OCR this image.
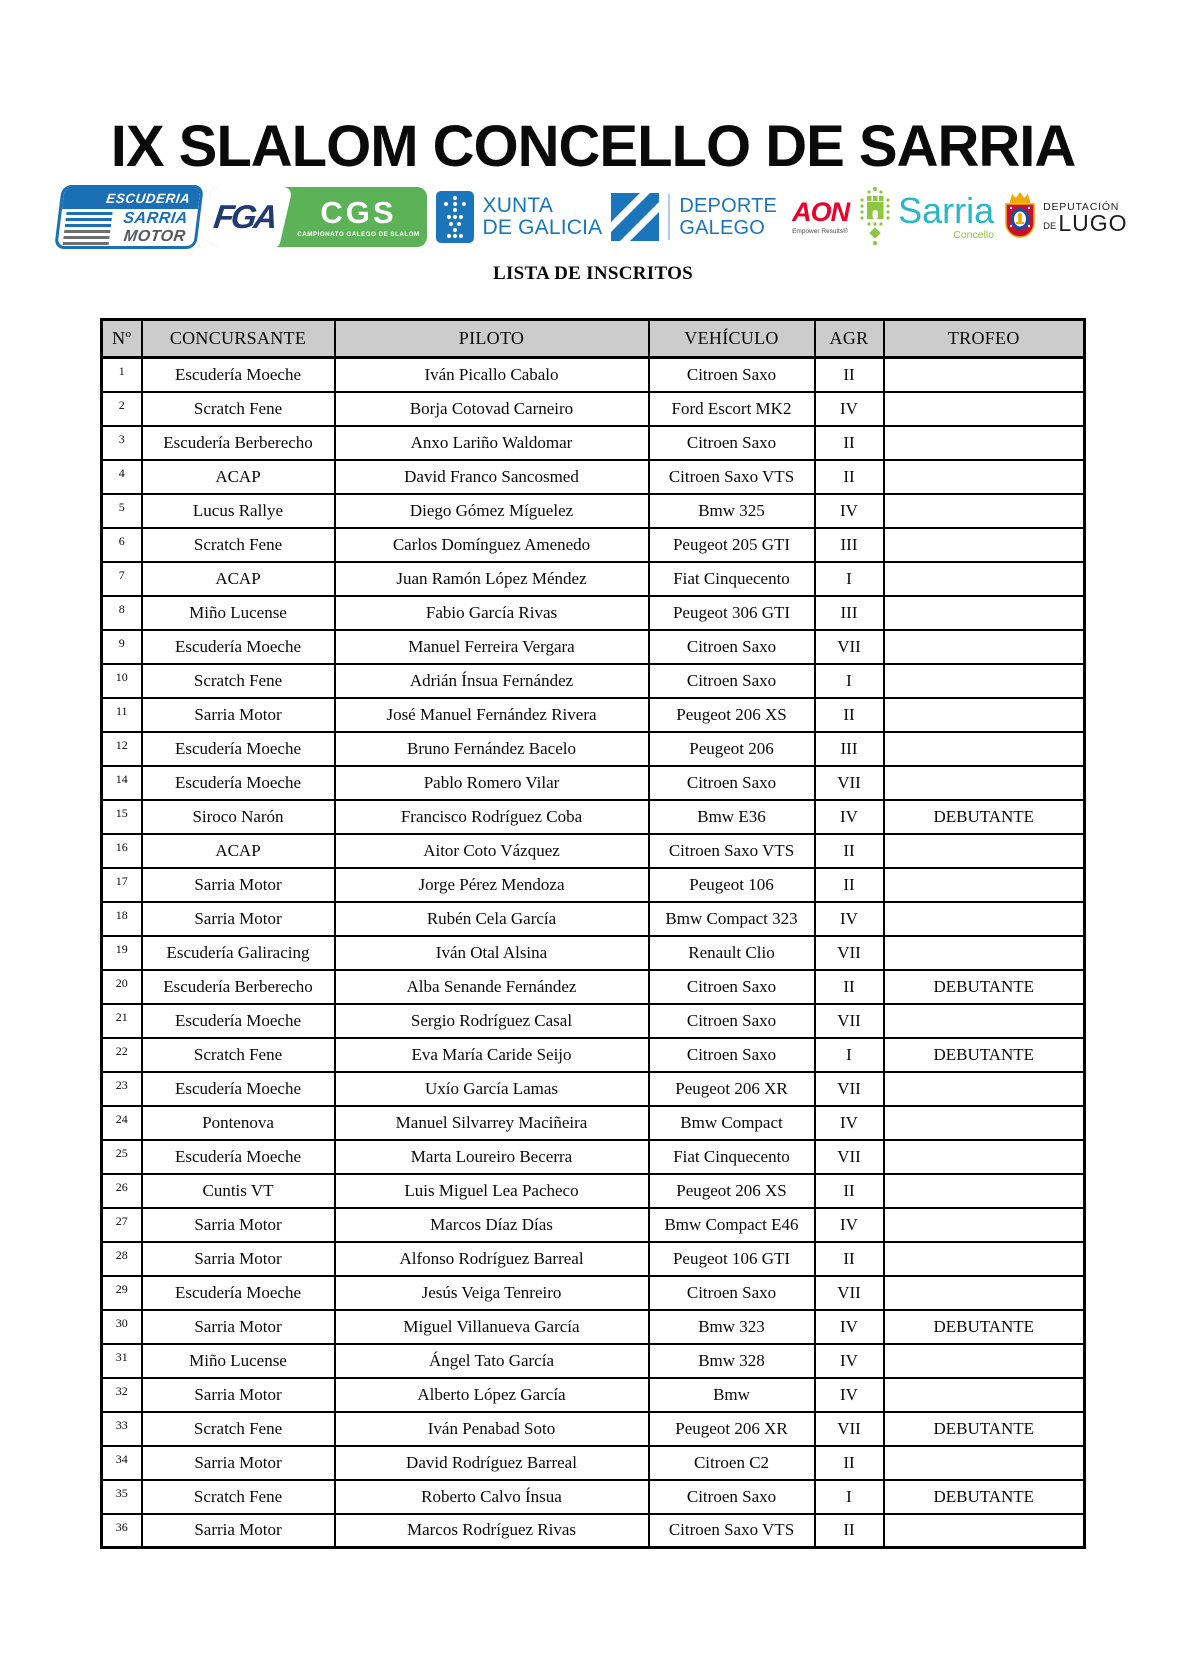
IX SLALOM CONCELLO DE SARRIA
ESCUDERIA
SARRIA
MOTOR
FGA CGS
CAMPIONATO GALEGO DE SLALOM
XUNTA
DE GALICIA
DEPORTE
GALEGO
AON
Empower Results®
Sarria
Concello
DEPUTACIÓN
DE LUGO
LISTA DE INSCRITOS
Nº	CONCURSANTE	PILOTO	VEHÍCULO	AGR	TROFEO
1	Escudería Moeche	Iván Picallo Cabalo	Citroen Saxo	II	
2	Scratch Fene	Borja Cotovad Carneiro	Ford Escort MK2	IV	
3	Escudería Berberecho	Anxo Lariño Waldomar	Citroen Saxo	II	
4	ACAP	David Franco Sancosmed	Citroen Saxo VTS	II	
5	Lucus Rallye	Diego Gómez Míguelez	Bmw 325	IV	
6	Scratch Fene	Carlos Domínguez Amenedo	Peugeot 205 GTI	III	
7	ACAP	Juan Ramón López Méndez	Fiat Cinquecento	I	
8	Miño Lucense	Fabio García Rivas	Peugeot 306 GTI	III	
9	Escudería Moeche	Manuel Ferreira Vergara	Citroen Saxo	VII	
10	Scratch Fene	Adrián Ínsua Fernández	Citroen Saxo	I	
11	Sarria Motor	José Manuel Fernández Rivera	Peugeot 206 XS	II	
12	Escudería Moeche	Bruno Fernández Bacelo	Peugeot 206	III	
14	Escudería Moeche	Pablo Romero Vilar	Citroen Saxo	VII	
15	Siroco Narón	Francisco Rodríguez Coba	Bmw E36	IV	DEBUTANTE
16	ACAP	Aitor Coto Vázquez	Citroen Saxo VTS	II	
17	Sarria Motor	Jorge Pérez Mendoza	Peugeot 106	II	
18	Sarria Motor	Rubén Cela García	Bmw Compact 323	IV	
19	Escudería Galiracing	Iván Otal Alsina	Renault Clio	VII	
20	Escudería Berberecho	Alba Senande Fernández	Citroen Saxo	II	DEBUTANTE
21	Escudería Moeche	Sergio Rodríguez Casal	Citroen Saxo	VII	
22	Scratch Fene	Eva María Caride Seijo	Citroen Saxo	I	DEBUTANTE
23	Escudería Moeche	Uxío García Lamas	Peugeot 206 XR	VII	
24	Pontenova	Manuel Silvarrey Maciñeira	Bmw Compact	IV	
25	Escudería Moeche	Marta Loureiro Becerra	Fiat Cinquecento	VII	
26	Cuntis VT	Luis Miguel Lea Pacheco	Peugeot 206 XS	II	
27	Sarria Motor	Marcos Díaz Días	Bmw Compact E46	IV	
28	Sarria Motor	Alfonso Rodríguez Barreal	Peugeot 106 GTI	II	
29	Escudería Moeche	Jesús Veiga Tenreiro	Citroen Saxo	VII	
30	Sarria Motor	Miguel Villanueva García	Bmw 323	IV	DEBUTANTE
31	Miño Lucense	Ángel Tato García	Bmw 328	IV	
32	Sarria Motor	Alberto López García	Bmw	IV	
33	Scratch Fene	Iván Penabad Soto	Peugeot 206 XR	VII	DEBUTANTE
34	Sarria Motor	David Rodríguez Barreal	Citroen C2	II	
35	Scratch Fene	Roberto Calvo Ínsua	Citroen Saxo	I	DEBUTANTE
36	Sarria Motor	Marcos Rodríguez Rivas	Citroen Saxo VTS	II	
